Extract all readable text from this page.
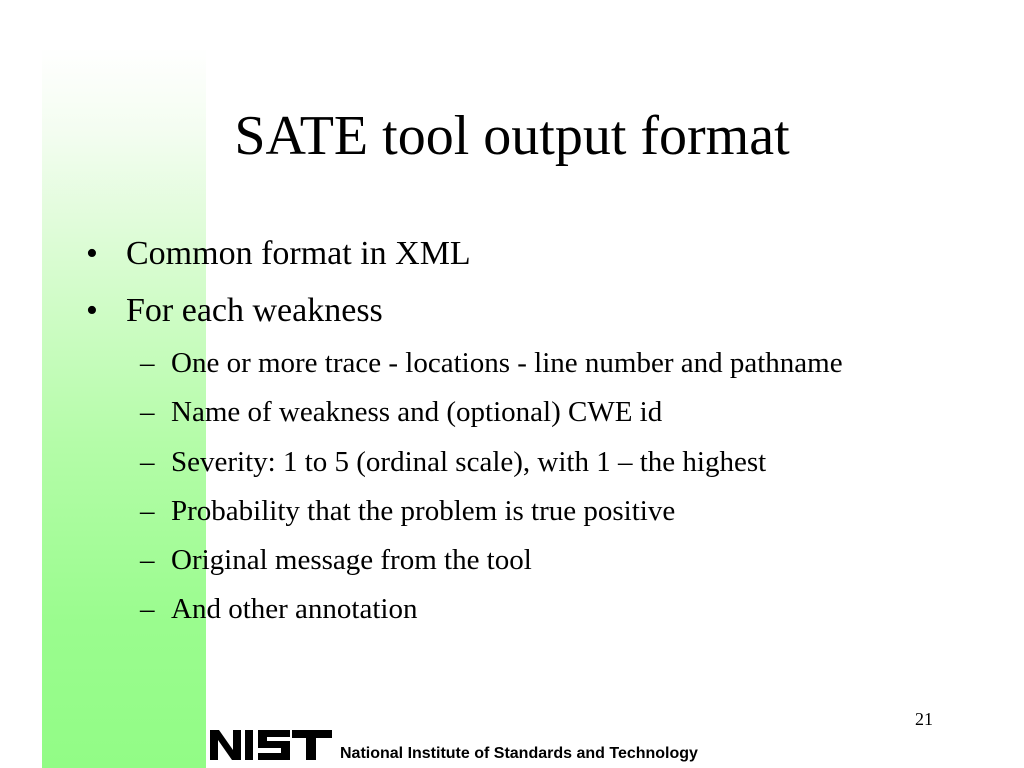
SATE tool output format
• Common format in XML
• For each weakness
– One or more trace - locations - line number and pathname
– Name of weakness and (optional) CWE id
– Severity: 1 to 5 (ordinal scale), with 1 – the highest
– Probability that the problem is true positive
– Original message from the tool
– And other annotation
21
National Institute of Standards and Technology
